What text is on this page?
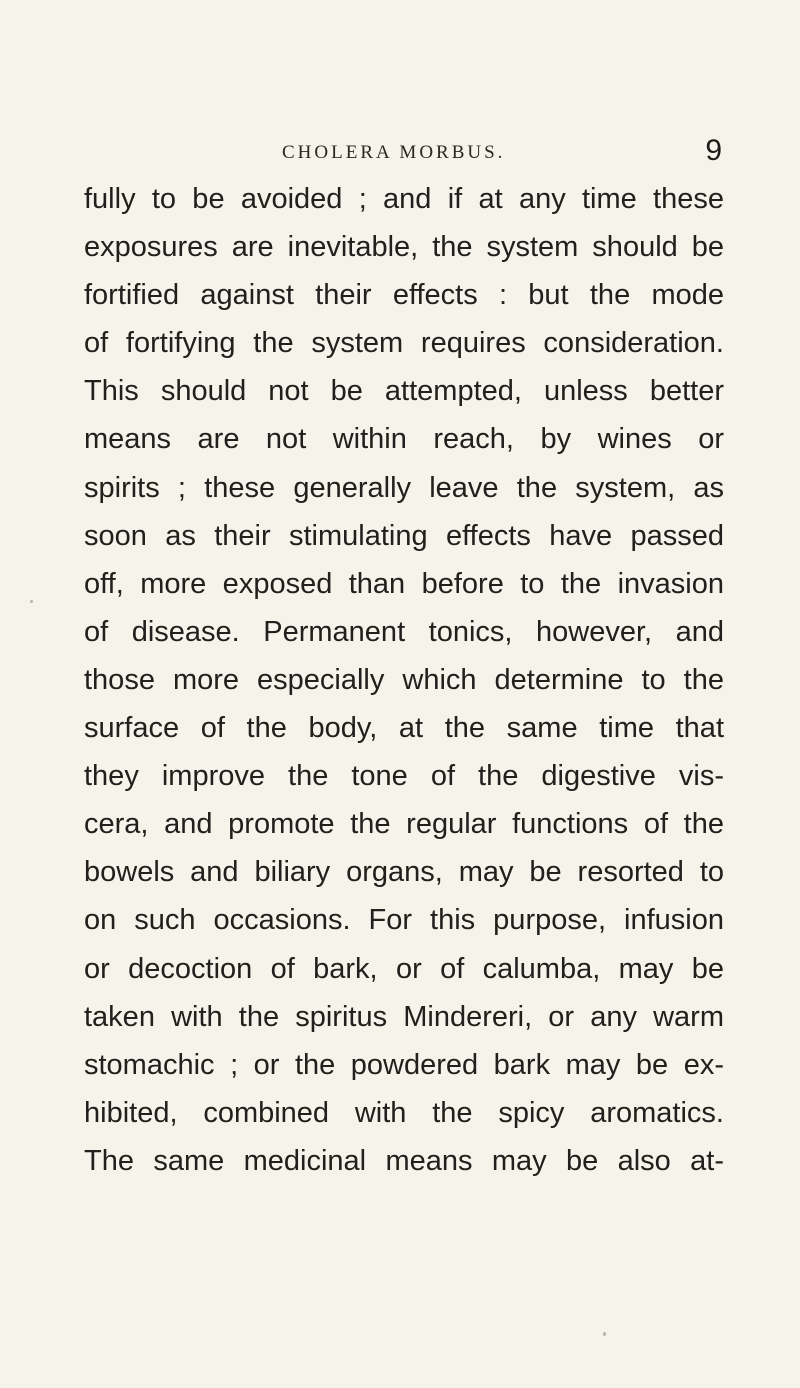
CHOLERA MORBUS.	9
fully to be avoided ; and if at any time these
exposures are inevitable, the system should be
fortified against their effects : but the mode
of fortifying the system requires consideration.
This should not be attempted, unless better
means are not within reach, by wines or
spirits ; these generally leave the system, as
soon as their stimulating effects have passed
off, more exposed than before to the invasion
of disease. Permanent tonics, however, and
those more especially which determine to the
surface of the body, at the same time that
they improve the tone of the digestive vis-
cera, and promote the regular functions of the
bowels and biliary organs, may be resorted to
on such occasions. For this purpose, infusion
or decoction of bark, or of calumba, may be
taken with the spiritus Mindereri, or any warm
stomachic ; or the powdered bark may be ex-
hibited, combined with the spicy aromatics.
The same medicinal means may be also at-
